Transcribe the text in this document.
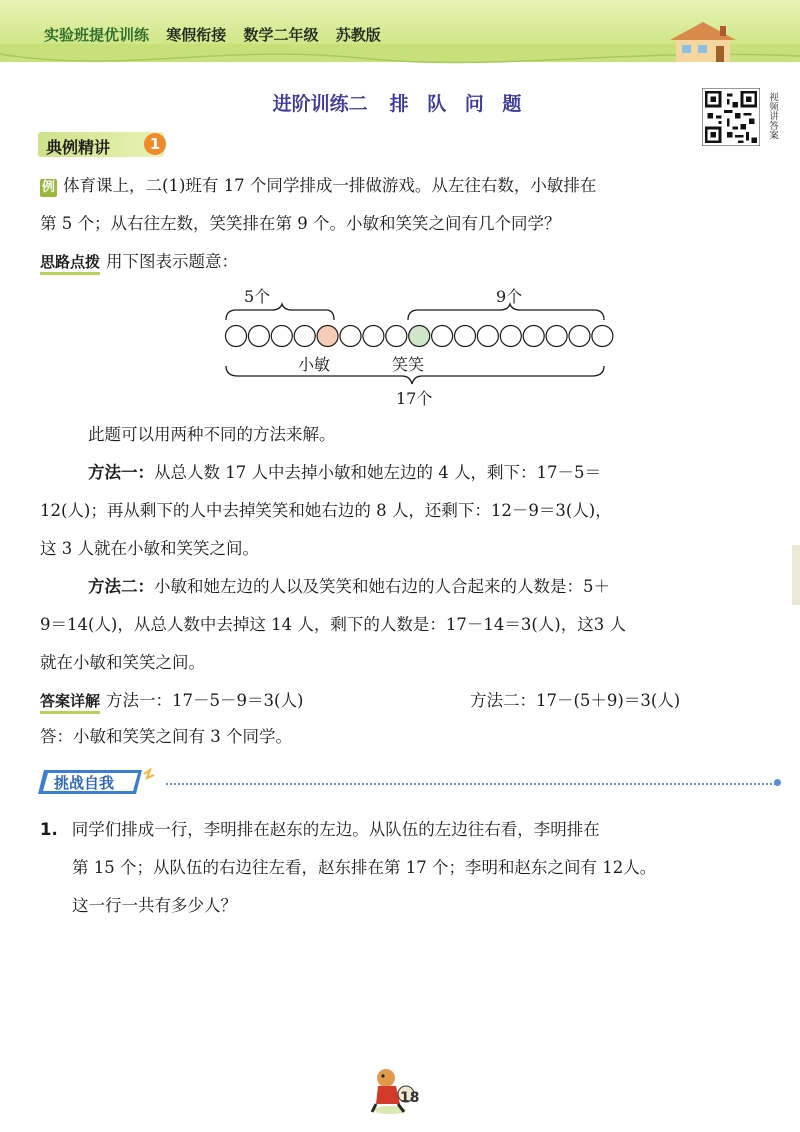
实验班提优训练 寒假衔接 数学二年级 苏教版
进阶训练二 排 队 问 题	视频讲答案
典例精讲	1
例 体育课上，二(1)班有 17 个同学排成一排做游戏。从左往右数，小敏排在
第 5 个；从右往左数，笑笑排在第 9 个。小敏和笑笑之间有几个同学？
思路点拨 用下图表示题意：
5个	9个
小敏	笑笑
17个
此题可以用两种不同的方法来解。
方法一：从总人数 17 人中去掉小敏和她左边的 4 人，剩下：17－5＝
12(人)；再从剩下的人中去掉笑笑和她右边的 8 人，还剩下：12－9＝3(人)，
这 3 人就在小敏和笑笑之间。
方法二：小敏和她左边的人以及笑笑和她右边的人合起来的人数是：5＋
9＝14(人)，从总人数中去掉这 14 人，剩下的人数是：17－14＝3(人)，这3 人
就在小敏和笑笑之间。
答案详解 方法一：17－5－9＝3(人)	方法二：17－(5＋9)＝3(人)
答：小敏和笑笑之间有 3 个同学。
挑战自我
1. 同学们排成一行，李明排在赵东的左边。从队伍的左边往右看，李明排在
第 15 个；从队伍的右边往左看，赵东排在第 17 个；李明和赵东之间有 12人。
这一行一共有多少人？
18
